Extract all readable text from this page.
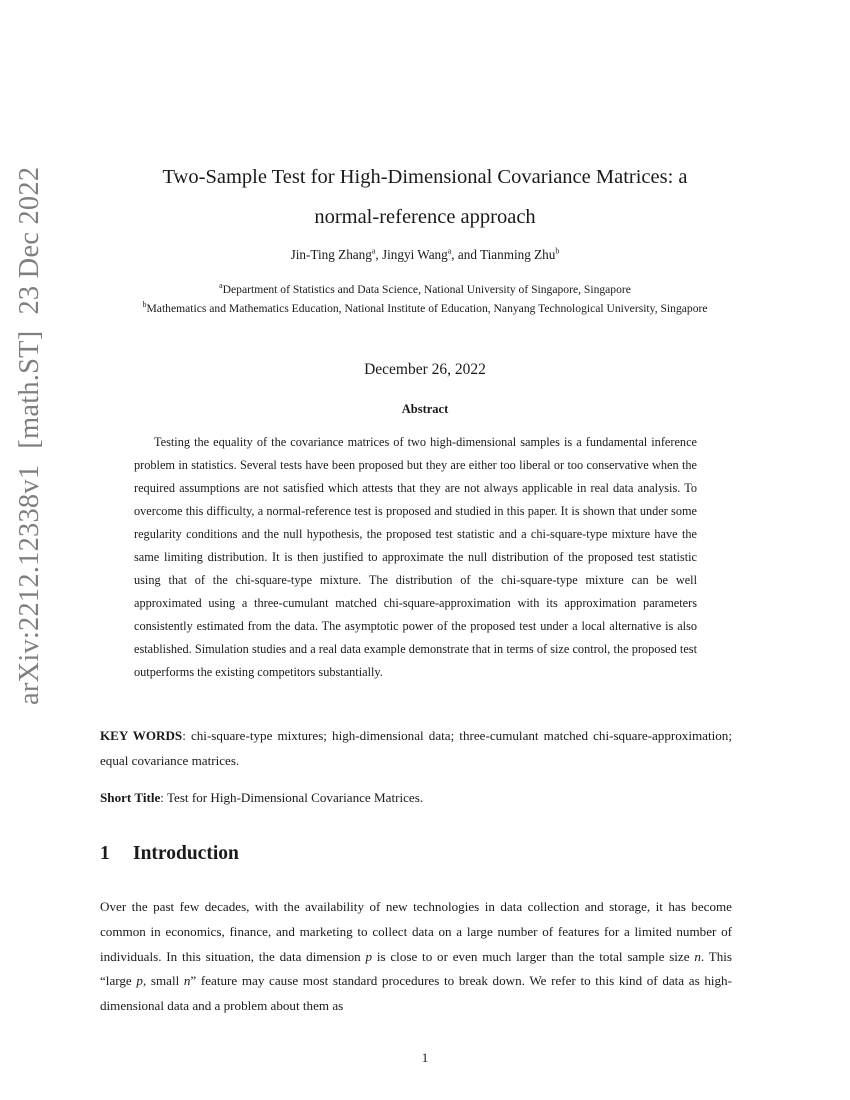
arXiv:2212.12338v1[math.ST]23 Dec 2022	Two-Sample Test for High-Dimensional Covariance Matrices: a
normal-reference approach
Jin-Ting Zhang$^a$, Jingyi Wang$^a$, and Tianming Zhu$^b$
$^a$Department of Statistics and Data Science, National University of Singapore, Singapore
$^b$Mathematics and Mathematics Education, National Institute of Education, Nanyang Technological University, Singapore
December 26, 2022
Abstract
Testing the equality of the covariance matrices of two high-dimensional samples is a fundamental inference problem in statistics. Several tests have been proposed but they are either too liberal or too conservative when the required assumptions are not satisfied which attests that they are not always applicable in real data analysis. To overcome this difficulty, a normal-reference test is proposed and studied in this paper. It is shown that under some regularity conditions and the null hypothesis, the proposed test statistic and a chi-square-type mixture have the same limiting distribution. It is then justified to approximate the null distribution of the proposed test statistic using that of the chi-square-type mixture. The distribution of the chi-square-type mixture can be well approximated using a three-cumulant matched chi-square-approximation with its approximation parameters consistently estimated from the data. The asymptotic power of the proposed test under a local alternative is also established. Simulation studies and a real data example demonstrate that in terms of size control, the proposed test outperforms the existing competitors substantially.
KEY WORDS: chi-square-type mixtures; high-dimensional data; three-cumulant matched chi-square-approximation; equal covariance matrices.
Short Title: Test for High-Dimensional Covariance Matrices.
1 Introduction
Over the past few decades, with the availability of new technologies in data collection and storage, it has become common in economics, finance, and marketing to collect data on a large number of features for a limited number of individuals. In this situation, the data dimension p is close to or even much larger than the total sample size n. This “large p, small n” feature may cause most standard procedures to break down. We refer to this kind of data as high-dimensional data and a problem about them as
1
